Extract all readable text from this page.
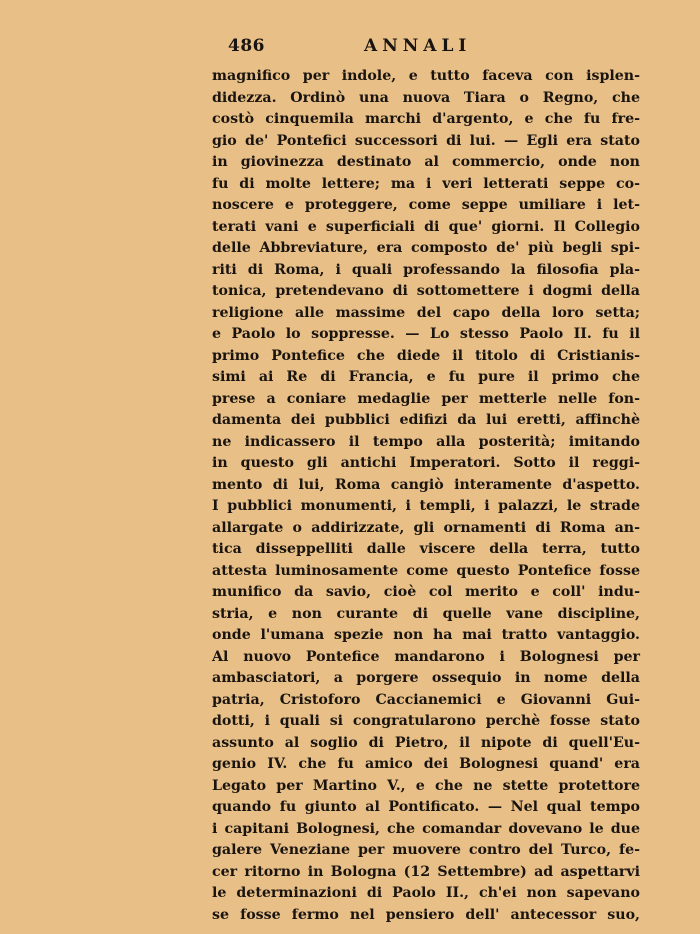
486	ANNALI
magnifico per indole, e tutto faceva con isplen-
didezza. Ordinò una nuova Tiara o Regno, che
costò cinquemila marchi d'argento, e che fu fre-
gio de' Pontefici successori di lui. — Egli era stato
in giovinezza destinato al commercio, onde non
fu di molte lettere; ma i veri letterati seppe co-
noscere e proteggere, come seppe umiliare i let-
terati vani e superficiali di que' giorni. Il Collegio
delle Abbreviature, era composto de' più begli spi-
riti di Roma, i quali professando la filosofia pla-
tonica, pretendevano di sottomettere i dogmi della
religione alle massime del capo della loro setta;
e Paolo lo soppresse. — Lo stesso Paolo II. fu il
primo Pontefice che diede il titolo di Cristianis-
simi ai Re di Francia, e fu pure il primo che
prese a coniare medaglie per metterle nelle fon-
damenta dei pubblici edifizi da lui eretti, affinchè
ne indicassero il tempo alla posterità; imitando
in questo gli antichi Imperatori. Sotto il reggi-
mento di lui, Roma cangiò interamente d'aspetto.
I pubblici monumenti, i templi, i palazzi, le strade
allargate o addirizzate, gli ornamenti di Roma an-
tica disseppelliti dalle viscere della terra, tutto
attesta luminosamente come questo Pontefice fosse
munifico da savio, cioè col merito e coll' indu-
stria, e non curante di quelle vane discipline,
onde l'umana spezie non ha mai tratto vantaggio.
Al nuovo Pontefice mandarono i Bolognesi per
ambasciatori, a porgere ossequio in nome della
patria, Cristoforo Caccianemici e Giovanni Gui-
dotti, i quali si congratularono perchè fosse stato
assunto al soglio di Pietro, il nipote di quell'Eu-
genio IV. che fu amico dei Bolognesi quand' era
Legato per Martino V., e che ne stette protettore
quando fu giunto al Pontificato. — Nel qual tempo
i capitani Bolognesi, che comandar dovevano le due
galere Veneziane per muovere contro del Turco, fe-
cer ritorno in Bologna (12 Settembre) ad aspettarvi
le determinazioni di Paolo II., ch'ei non sapevano
se fosse fermo nel pensiero dell' antecessor suo,
